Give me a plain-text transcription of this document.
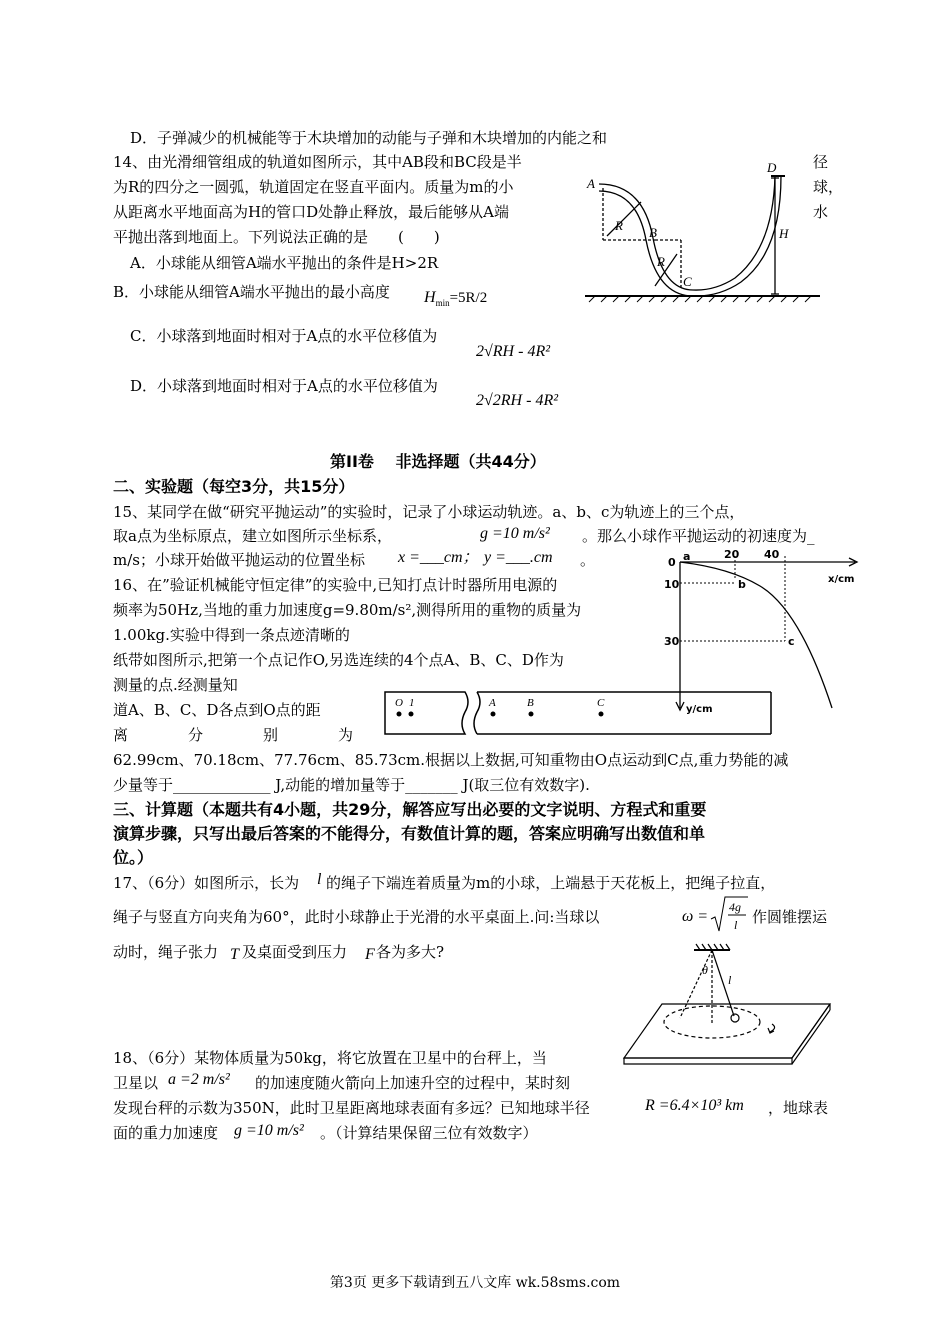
D．子弹减少的机械能等于木块增加的动能与子弹和木块增加的内能之和
14、由光滑细管组成的轨道如图所示，其中AB段和BC段是半	径
为R的四分之一圆弧，轨道固定在竖直平面内。质量为m的小	球，
从距离水平地面高为H的管口D处静止释放，最后能够从A端	水
平抛出落到地面上。下列说法正确的是　　(　　)
A．小球能从细管A端水平抛出的条件是H>2R
B．小球能从细管A端水平抛出的最小高度 $H_{min}=5R/2$
C．小球落到地面时相对于A点的水平位移值为
2√RH - 4R²
D．小球落到地面时相对于A点的水平位移值为
2√2RH - 4R²
A
B
C
D
R
R
H
第II卷　 非选择题（共44分）
二、实验题（每空3分，共15分）
15、某同学在做“研究平抛运动”的实验时，记录了小球运动轨迹。a、b、c为轨迹上的三个点，
取a点为坐标原点，建立如图所示坐标系，	g =10 m/s² 。那么小球作平抛运动的初速度为_
m/s；小球开始做平抛运动的位置坐标 x =___cm； y =___.cm 。	0 a	20 40
10
30
b
c
x/cm
y/cm
16、在”验证机械能守恒定律”的实验中,已知打点计时器所用电源的
频率为50Hz,当地的重力加速度g=9.80m/s²,测得所用的重物的质量为
1.00kg.实验中得到一条点迹清晰的
纸带如图所示,把第一个点记作O,另选连续的4个点A、B、C、D作为
测量的点.经测量知
道A、B、C、D各点到O点的距
离　　　　分　　　　别　　　　为
62.99cm、70.18cm、77.76cm、85.73cm.根据以上数据,可知重物由O点运动到C点,重力势能的减
少量等于_____________ J,动能的增加量等于_______ J(取三位有效数字).
O 1	A	B	C
三、计算题（本题共有4小题，共29分，解答应写出必要的文字说明、方程式和重要
演算步骤，只写出最后答案的不能得分，有数值计算的题，答案应明确写出数值和单
位。）
17、（6分）如图所示，长为 l 的绳子下端连着质量为m的小球，上端悬于天花板上，把绳子拉直，
绳子与竖直方向夹角为60°，此时小球静止于光滑的水平桌面上.问:当球以	ω =
4g
l 作圆锥摆运
动时，绳子张力 T 及桌面受到压力 F 各为多大?
θ
l
18、（6分）某物体质量为50kg，将它放置在卫星中的台秤上，当
卫星以 a =2 m/s² 的加速度随火箭向上加速升空的过程中，某时刻
发现台秤的示数为350N，此时卫星距离地球表面有多远？已知地球半径	R =6.4×10³ km ，地球表
面的重力加速度 g =10 m/s² 。（计算结果保留三位有效数字）
第3页 更多下载请到五八文库 wk.58sms.com
